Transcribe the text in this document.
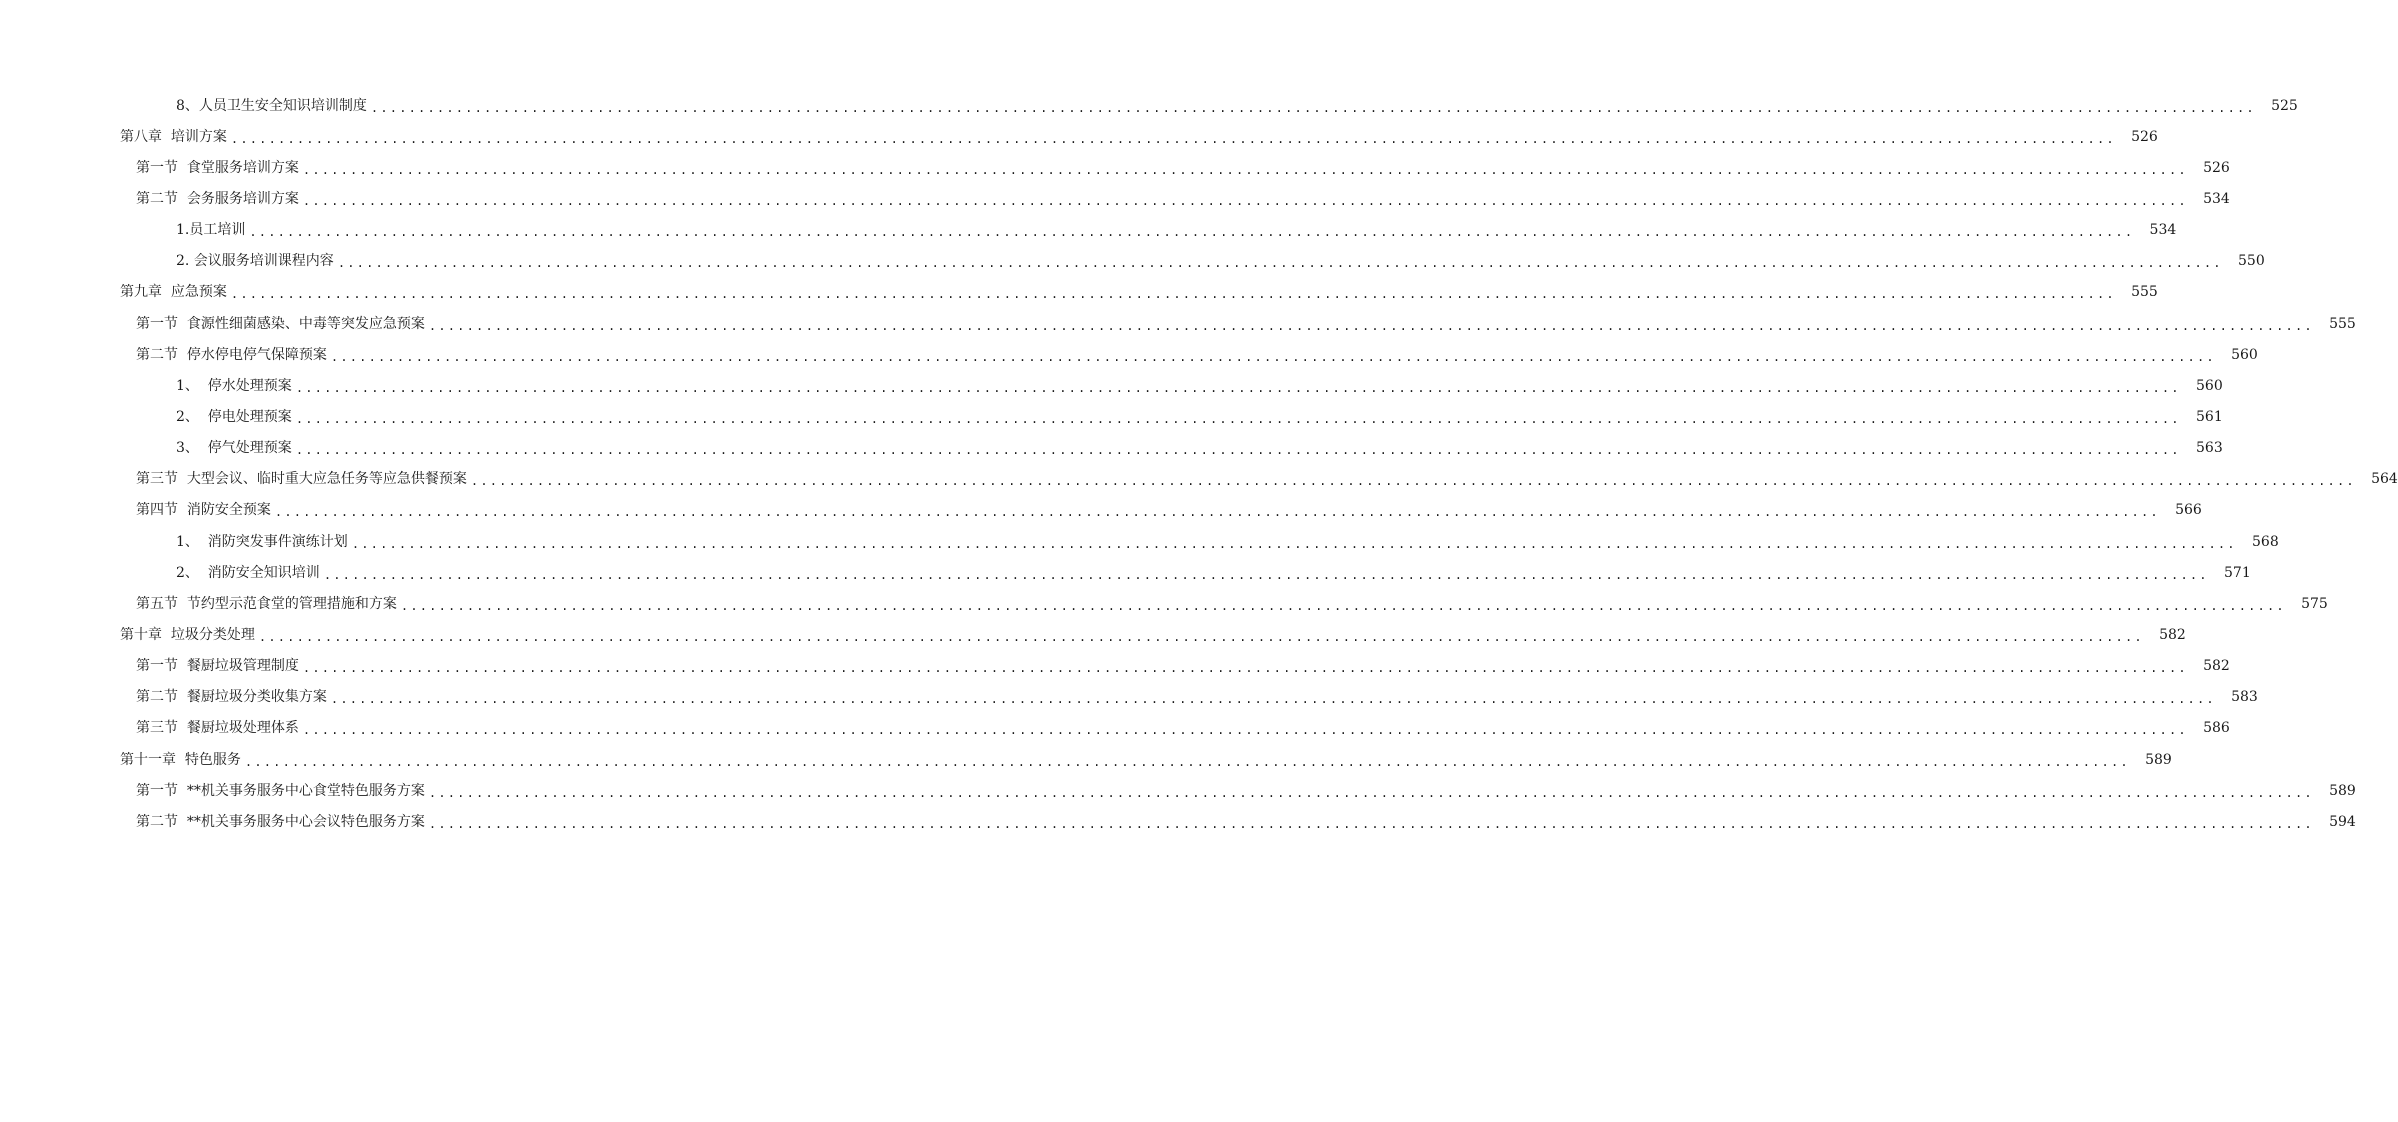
8、人员卫生安全知识培训制度 ........................................................................................................................................................................................................	525
第八章  培训方案 ........................................................................................................................................................................................................	526
第一节  食堂服务培训方案 ........................................................................................................................................................................................................	526
第二节  会务服务培训方案 ........................................................................................................................................................................................................	534
1.员工培训 ........................................................................................................................................................................................................	534
2. 会议服务培训课程内容 ........................................................................................................................................................................................................	550
第九章  应急预案 ........................................................................................................................................................................................................	555
第一节  食源性细菌感染、中毒等突发应急预案 ........................................................................................................................................................................................................	555
第二节  停水停电停气保障预案 ........................................................................................................................................................................................................	560
1、  停水处理预案 ........................................................................................................................................................................................................	560
2、  停电处理预案 ........................................................................................................................................................................................................	561
3、  停气处理预案 ........................................................................................................................................................................................................	563
第三节  大型会议、临时重大应急任务等应急供餐预案 ........................................................................................................................................................................................................	564
第四节  消防安全预案 ........................................................................................................................................................................................................	566
1、  消防突发事件演练计划 ........................................................................................................................................................................................................	568
2、  消防安全知识培训 ........................................................................................................................................................................................................	571
第五节  节约型示范食堂的管理措施和方案 ........................................................................................................................................................................................................	575
第十章  垃圾分类处理 ........................................................................................................................................................................................................	582
第一节  餐厨垃圾管理制度 ........................................................................................................................................................................................................	582
第二节  餐厨垃圾分类收集方案 ........................................................................................................................................................................................................	583
第三节  餐厨垃圾处理体系 ........................................................................................................................................................................................................	586
第十一章  特色服务 ........................................................................................................................................................................................................	589
第一节  **机关事务服务中心食堂特色服务方案 ........................................................................................................................................................................................................	589
第二节  **机关事务服务中心会议特色服务方案 ........................................................................................................................................................................................................	594
